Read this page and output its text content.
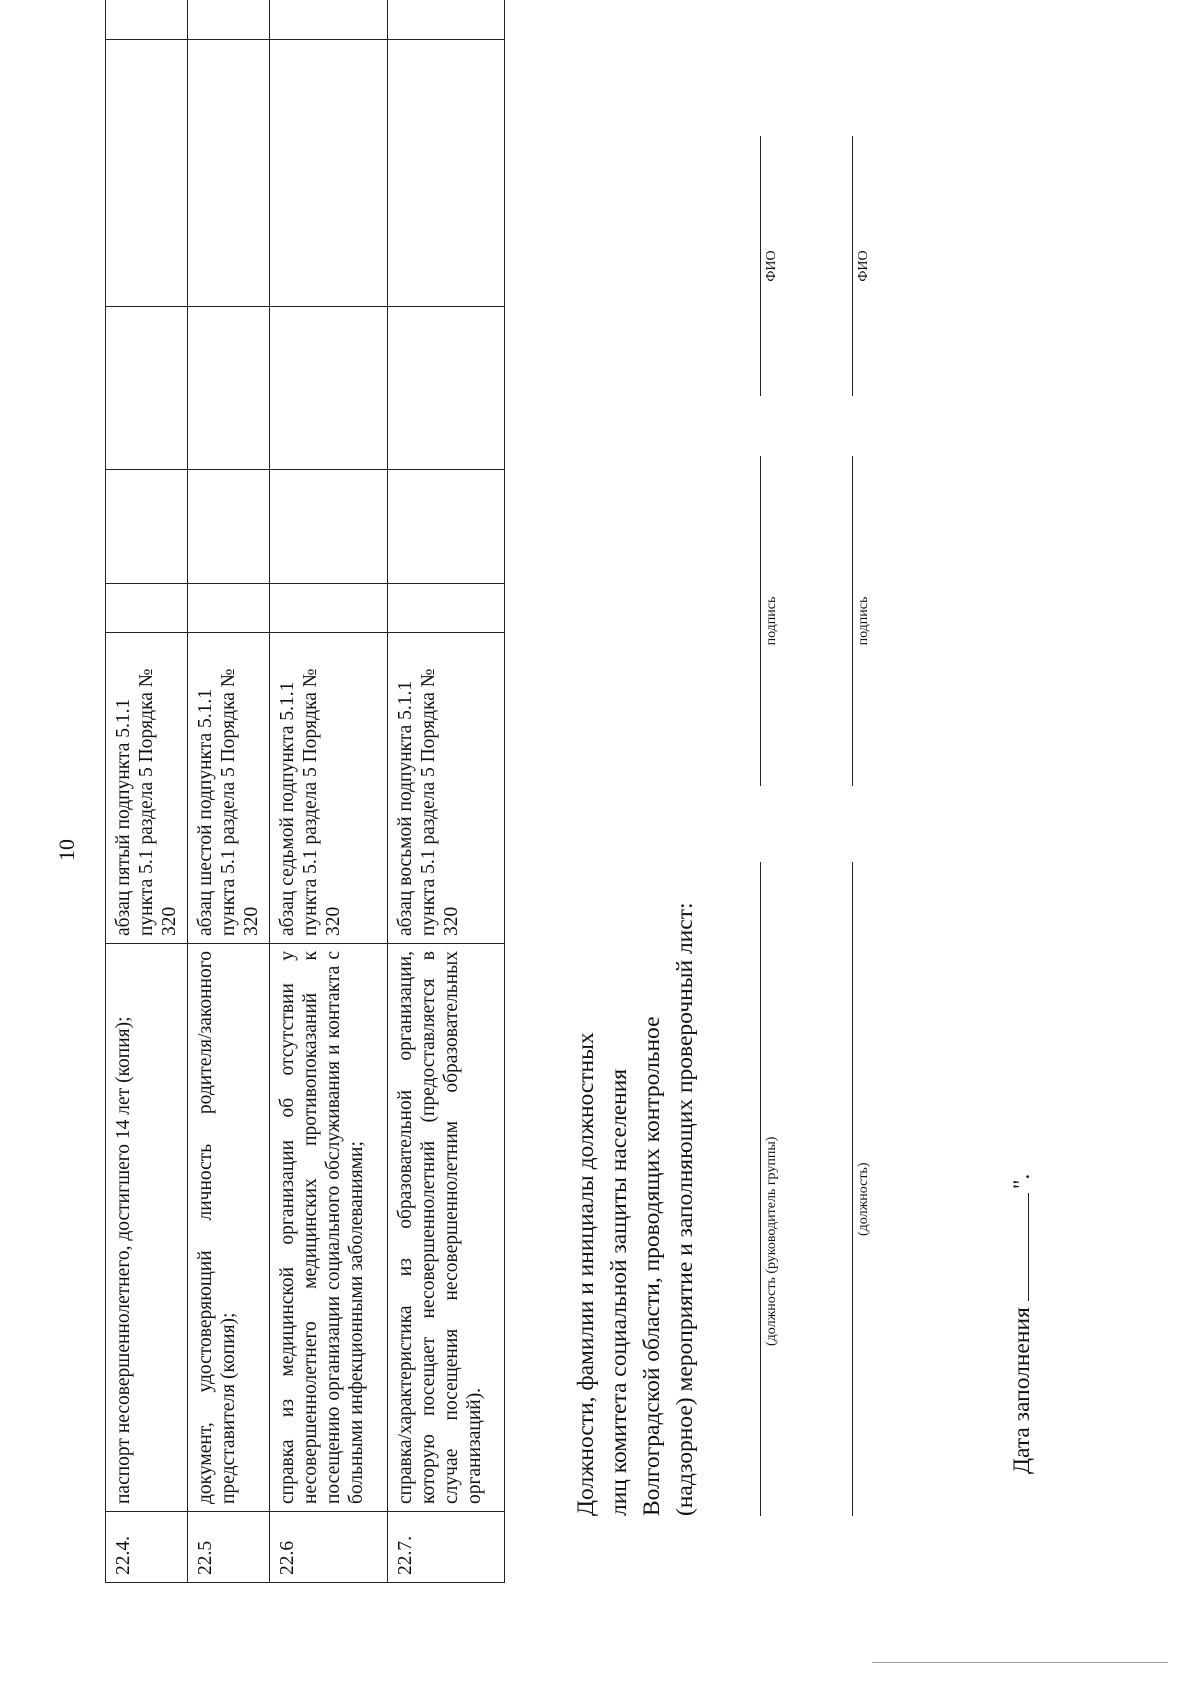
10
22.4.	паспорт несовершеннолетнего, достигшего 14 лет (копия);	абзац пятый подпункта 5.1.1 пункта 5.1 раздела 5 Порядка № 320					
22.5	документ, удостоверяющий личность родителя/законного представителя (копия);	абзац шестой подпункта 5.1.1 пункта 5.1 раздела 5 Порядка № 320					
22.6	справка из медицинской организации об отсутствии у несовершеннолетнего медицинских противопоказаний к посещению организации социального обслуживания и контакта с больными инфекционными заболеваниями;	абзац седьмой подпункта 5.1.1 пункта 5.1 раздела 5 Порядка № 320					
22.7.	справка/характеристика из образовательной организации, которую посещает несовершеннолетний (предоставляется в случае посещения несовершеннолетним образовательных организаций).	абзац восьмой подпункта 5.1.1 пункта 5.1 раздела 5 Порядка № 320					
Должности, фамилии и инициалы должностных лиц комитета социальной защиты населения Волгоградской области, проводящих контрольное (надзорное) мероприятие и заполняющих проверочный лист:	(должность (руководитель группы)
подпись
ФИО
(должность)
подпись
ФИО
Дата заполнения".
